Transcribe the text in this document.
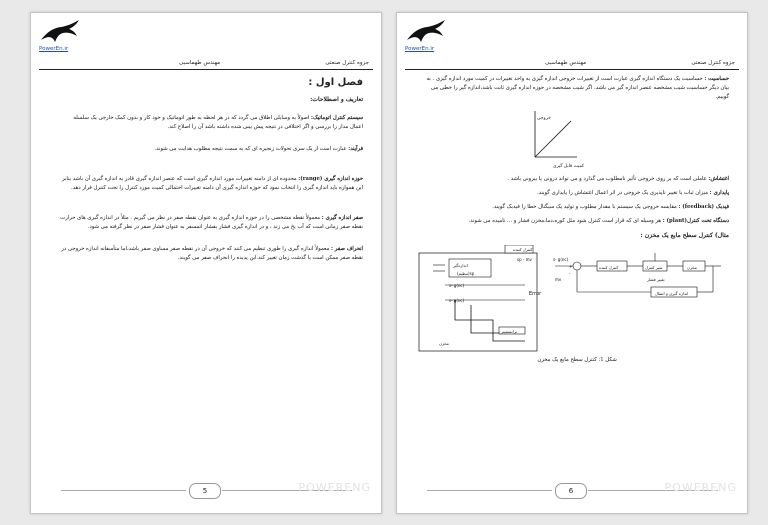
PowerEn.ir
جزوه کنترل صنعتی
مهندس طهماسبی
فصل اول :
تعاریف و اصطلاحات:

سیستم کنترل اتوماتیک: اصولاً به وسایلی اطلاق می گردد که در هر لحظه به طور اتوماتیک و خود کار و بدون کمک خارجی یک سلسله اعمال مدار را بررسی و اگر اختلافی در نتیجه پیش بینی شده داشته باشد آن را اصلاح کند.

فرآیند: عبارت است از یک سری تحولات زنجیره ای که به سمت نتیجه مطلوب هدایت می شوند.

حوزه اندازه گیری (range): محدوده ای از دامنه تغییرات مورد اندازه گیری است که عنصر اندازه گیری قادر به اندازه گیری آن باشد بنابر این همواره باید اندازه گیری را انتخاب نمود که حوزه اندازه گیری آن دامنه تغییرات احتمالی کمیت مورد کنترل را تحت کنترل قرار دهد.

صفر اندازه گیری : معمولاً نقطه مشخصی را در حوزه اندازه گیری به عنوان نقطه صفر در نظر می گیریم . مثلاً در اندازه گیری های حرارت نقطه صفر زمانی است که آب یخ می زند ، و در اندازه گیری فشار بفشار اتمسفر به عنوان فشار صفر در نظر گرفته می شود.

انحراف صفر : معمولاً اندازه گیری را طوری تنظیم می کنند که خروجی آن در نقطه صفر مساوی صفر باشد،اما متأسفانه اندازه خروجی در نقطه صفر ممکن است با گذشت زمان تغییر کند.این پدیده را انحراف صفر می گویند.

5	POWERENG
PowerEn.ir
جزوه کنترل صنعتی
مهندس طهماسبی

حساسیت : حساسیت یک دستگاه اندازه گیری عبارت است از تغییرات خروجی اندازه گیری به واحد تغییرات در کمیت مورد اندازه گیری . به بیان دیگر حساسیت شیب مشخصه عنصر اندازه گیر می باشد. اگر شیب مشخصه در حوزه اندازه گیری ثابت باشد،اندازه گیر را خطی می گوییم.

خروجی
کمیت قابل گیری

اغتشاش: عاملی است که بر روی خروجی تأثیر نامطلوب می گذارد و می تواند درونی یا بیرونی باشد .

پایداری : میزان ثبات یا تغییر ناپذیری یک خروجی در اثر اعمال اغتشاش را پایداری گویند.

فیدبک (feedback) : مقایسه خروجی یک سیستم با مقدار مطلوب و تولید یک سیگنال خطا را فیدبک گویند.

دستگاه تحت کنترل(plant) : هر وسیله ای که قرار است کنترل شود مثل کوره،دما،مخزن فشار و ... نامیده می شوند.

مثال) کنترل سطح مایع یک مخزن :

کنترل کننده
اندازه‌گیر
sp(تنظیم)
sp - mv
s- g(nc)
s- g(nc)
Error
ترانسمیتر
مخزن
s- g(nc)
+
-
mv
کنترل کننده	شیر کنترل	مخزن
اندازه گیری و انتقال
تغییر فشار
شکل 1: کنترل سطح مایع یک مخزن
6	POWERENG
